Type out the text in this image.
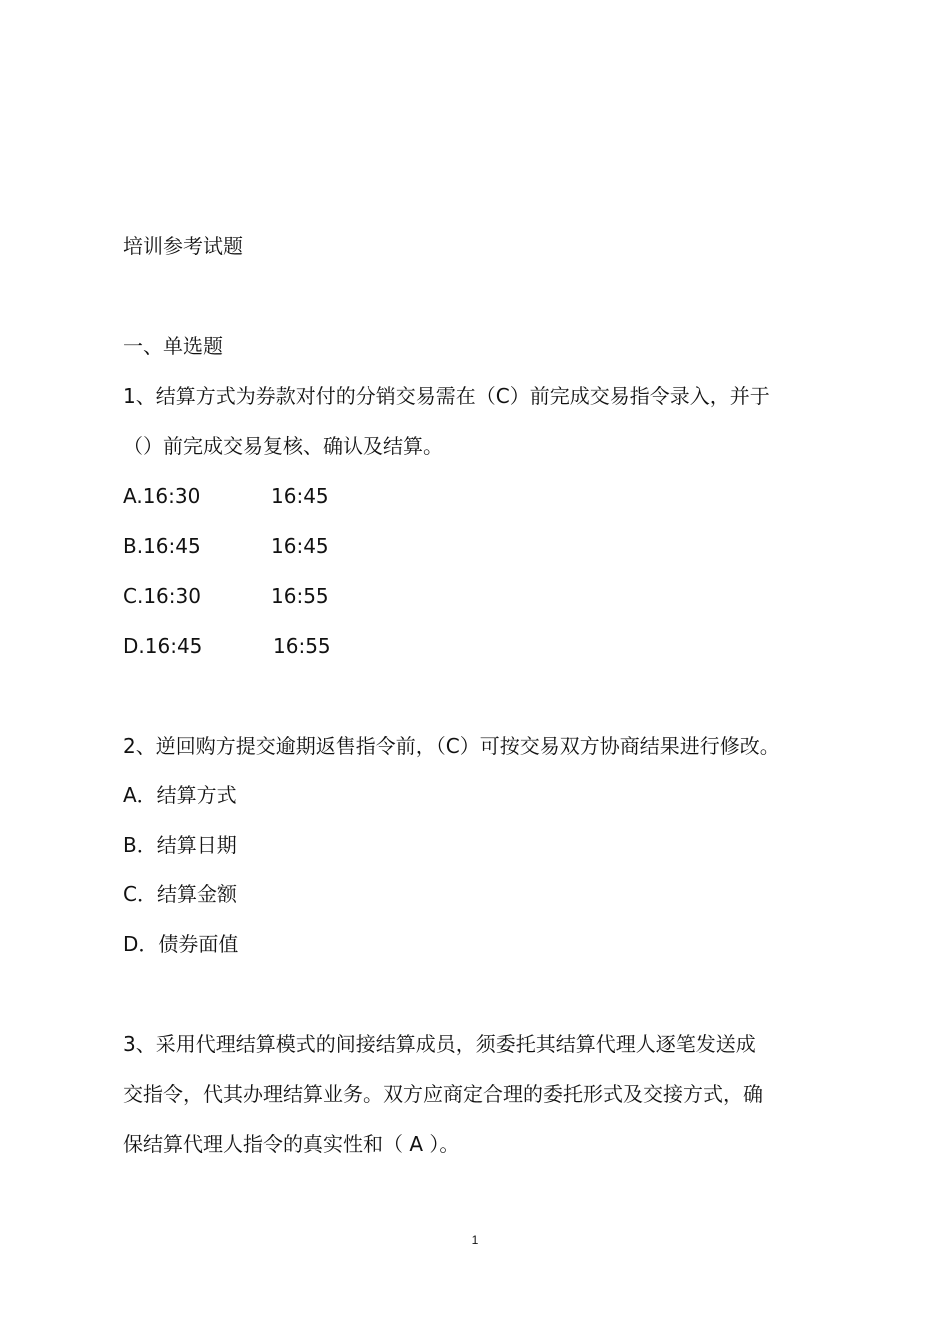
培训参考试题
一、单选题
1、结算方式为券款对付的分销交易需在（C）前完成交易指令录入，并于
（）前完成交易复核、确认及结算。
A.16:30	16:45
B.16:45	16:45
C.16:30	16:55
D.16:45	16:55
2、逆回购方提交逾期返售指令前，（C）可按交易双方协商结果进行修改。
A．结算方式
B．结算日期
C．结算金额
D．债券面值
3、采用代理结算模式的间接结算成员，须委托其结算代理人逐笔发送成
交指令，代其办理结算业务。双方应商定合理的委托形式及交接方式，确
保结算代理人指令的真实性和（ A ）。
1
